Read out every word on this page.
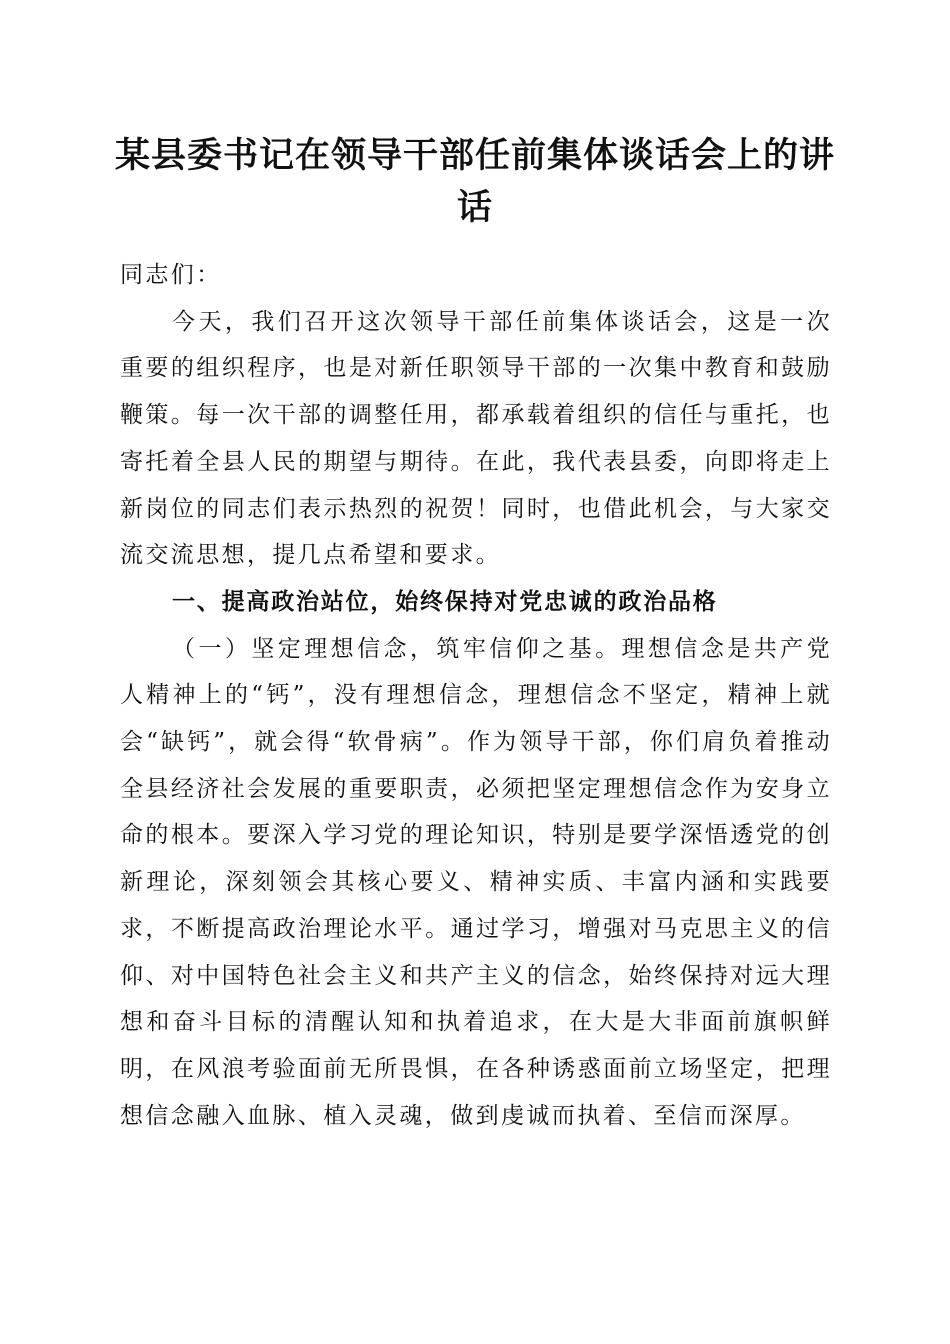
某县委书记在领导干部任前集体谈话会上的讲话

同志们：

今天，我们召开这次领导干部任前集体谈话会，这是一次重要的组织程序，也是对新任职领导干部的一次集中教育和鼓励鞭策。每一次干部的调整任用，都承载着组织的信任与重托，也寄托着全县人民的期望与期待。在此，我代表县委，向即将走上新岗位的同志们表示热烈的祝贺！同时，也借此机会，与大家交流交流思想，提几点希望和要求。

一、提高政治站位，始终保持对党忠诚的政治品格

（一）坚定理想信念，筑牢信仰之基。理想信念是共产党人精神上的“钙”，没有理想信念，理想信念不坚定，精神上就会“缺钙”，就会得“软骨病”。作为领导干部，你们肩负着推动全县经济社会发展的重要职责，必须把坚定理想信念作为安身立命的根本。要深入学习党的理论知识，特别是要学深悟透党的创新理论，深刻领会其核心要义、精神实质、丰富内涵和实践要求，不断提高政治理论水平。通过学习，增强对马克思主义的信仰、对中国特色社会主义和共产主义的信念，始终保持对远大理想和奋斗目标的清醒认知和执着追求，在大是大非面前旗帜鲜明，在风浪考验面前无所畏惧，在各种诱惑面前立场坚定，把理想信念融入血脉、植入灵魂，做到虔诚而执着、至信而深厚。
